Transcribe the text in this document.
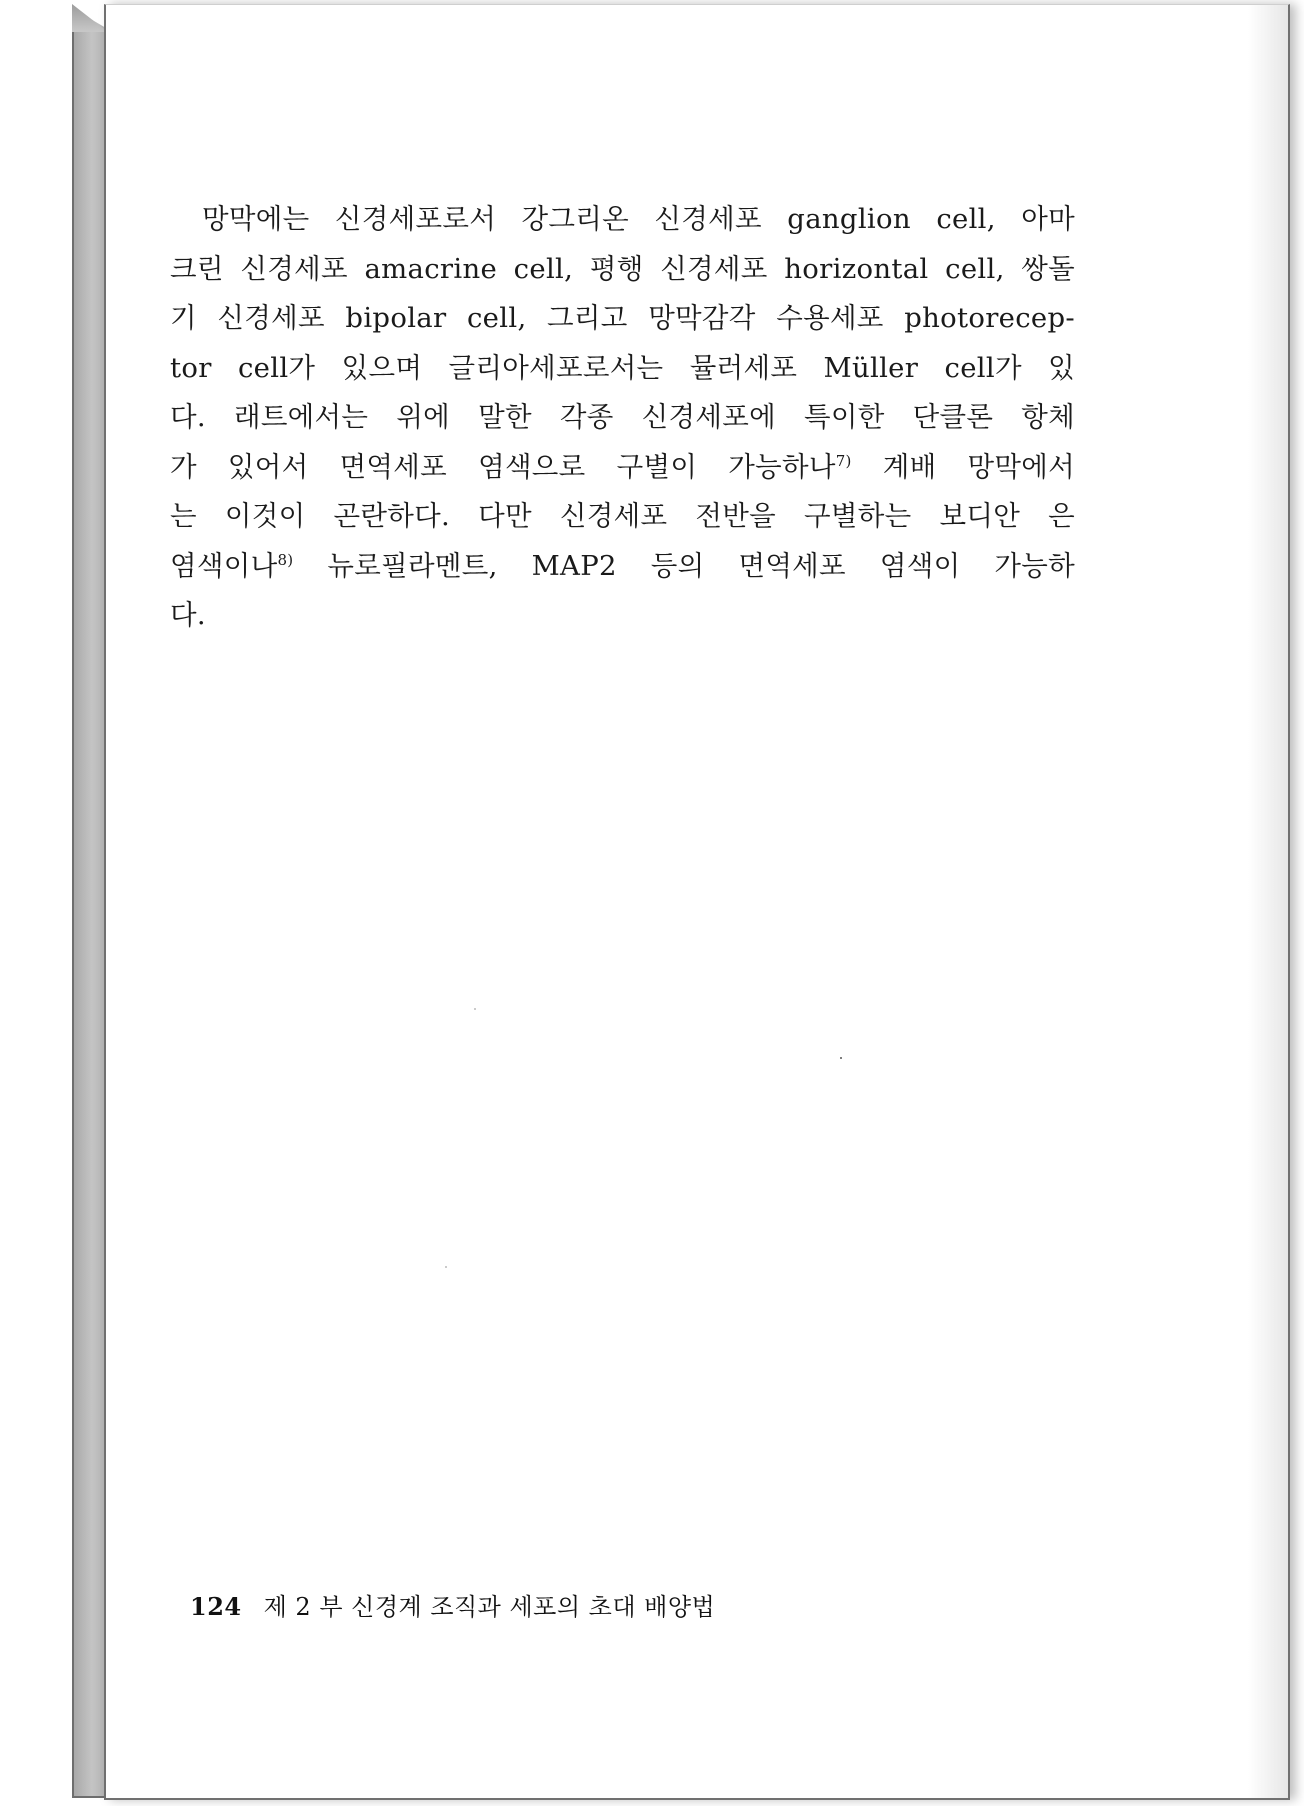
망막에는 신경세포로서 강그리온 신경세포 ganglion cell, 아마
크린 신경세포 amacrine cell, 평행 신경세포 horizontal cell, 쌍돌
기 신경세포 bipolar cell, 그리고 망막감각 수용세포 photorecep-
tor cell가 있으며 글리아세포로서는 뮬러세포 Müller cell가 있
다. 래트에서는 위에 말한 각종 신경세포에 특이한 단클론 항체
가 있어서 면역세포 염색으로 구별이 가능하나$^{7)}$ 계배 망막에서
는 이것이 곤란하다. 다만 신경세포 전반을 구별하는 보디안 은
염색이나$^{8)}$ 뉴로필라멘트, MAP2 등의 면역세포 염색이 가능하
다.
124 제 2 부 신경계 조직과 세포의 초대 배양법
